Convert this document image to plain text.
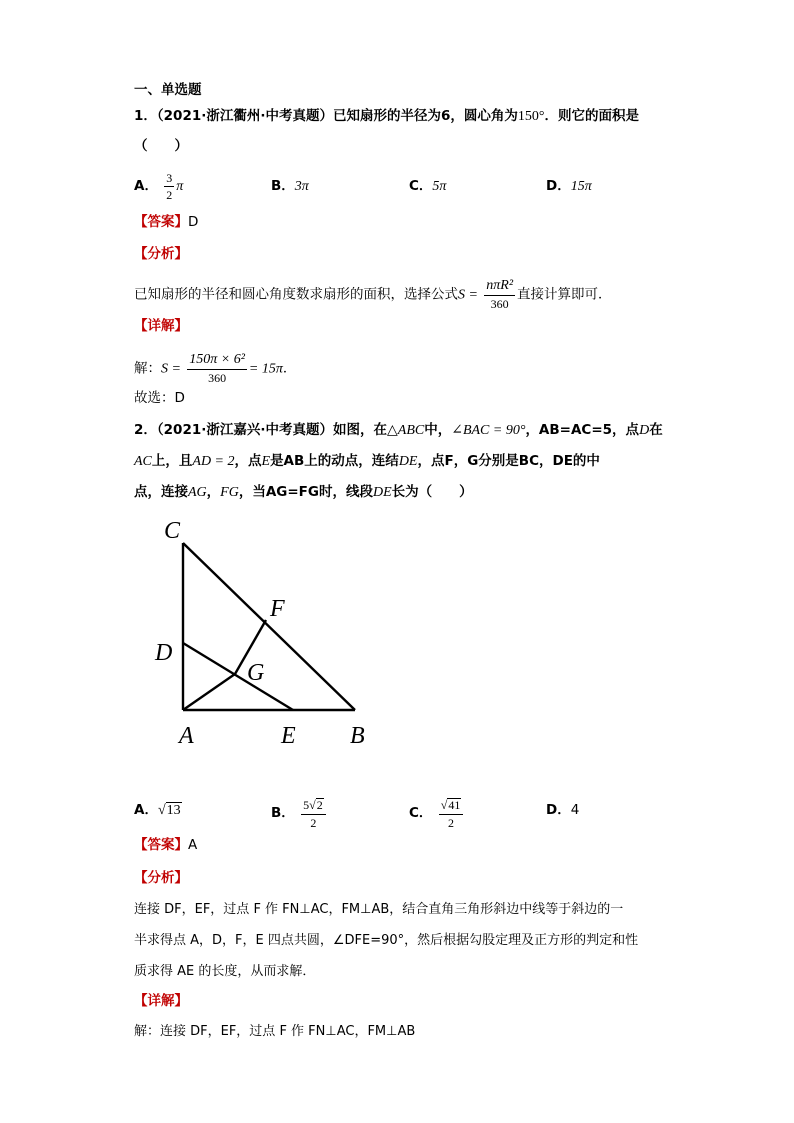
一、单选题
1．（2021·浙江衢州·中考真题）已知扇形的半径为6，圆心角为150°．则它的面积是
（　　）
A． $\frac{3}{2}$ π	B．3π	C．5π	D．15π
【答案】D
【分析】
已知扇形的半径和圆心角度数求扇形的面积，选择公式$S = \frac{\text{nπR²}}{360}$ 直接计算即可．
【详解】
解：$S = \frac{\text{150π × 6²}}{360} = 15\pi$．
故选：D
2．（2021·浙江嘉兴·中考真题）如图，在△ABC中，∠BAC = 90°，AB=AC=5，点D在
AC上，且AD = 2，点E是AB上的动点，连结DE，点F，G分别是BC，DE的中
点，连接AG，FG，当AG=FG时，线段DE长为（　　）
C
F
D
G
A	E B
A．√13	B． $\frac{5√2}{2}$	C． $\frac{√41}{2}$	D．4
【答案】A
【分析】
连接 DF，EF，过点 F 作 FN⊥AC，FM⊥AB，结合直角三角形斜边中线等于斜边的一
半求得点 A，D，F，E 四点共圆，∠DFE=90°，然后根据勾股定理及正方形的判定和性
质求得 AE 的长度，从而求解．
【详解】
解：连接 DF，EF，过点 F 作 FN⊥AC，FM⊥AB
